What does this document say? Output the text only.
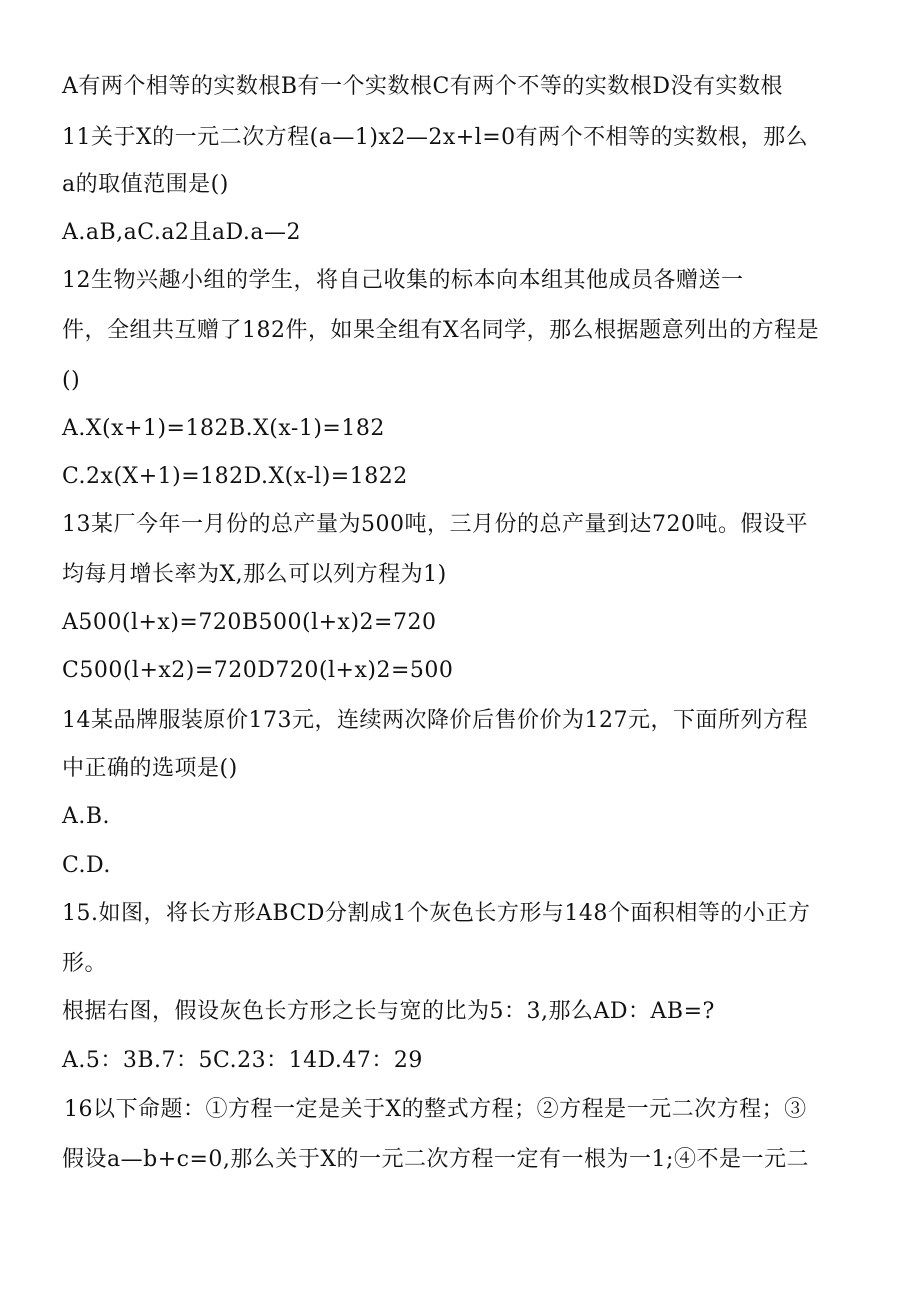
A有两个相等的实数根B有一个实数根C有两个不等的实数根D没有实数根

11关于X的一元二次方程(a—1)x2—2x+l=0有两个不相等的实数根，那么

a的取值范围是()

A.aB,aC.a2且aD.a—2

12生物兴趣小组的学生，将自己收集的标本向本组其他成员各赠送一

件，全组共互赠了182件，如果全组有X名同学，那么根据题意列出的方程是

()

A.X(x+1)=182B.X(x-1)=182

C.2x(X+1)=182D.X(x-l)=1822

13某厂今年一月份的总产量为500吨，三月份的总产量到达720吨。假设平

均每月增长率为X,那么可以列方程为1)

A500(l+x)=720B500(l+x)2=720

C500(l+x2)=720D720(l+x)2=500

14某品牌服装原价173元，连续两次降价后售价价为127元，下面所列方程

中正确的选项是()

A.B.

C.D.

15.如图，将长方形ABCD分割成1个灰色长方形与148个面积相等的小正方

形。

根据右图，假设灰色长方形之长与宽的比为5：3,那么AD：AB=?

A.5：3B.7：5C.23：14D.47：29

16以下命题：①方程一定是关于X的整式方程；②方程是一元二次方程；③

假设a—b+c=0,那么关于X的一元二次方程一定有一根为一1;④不是一元二
